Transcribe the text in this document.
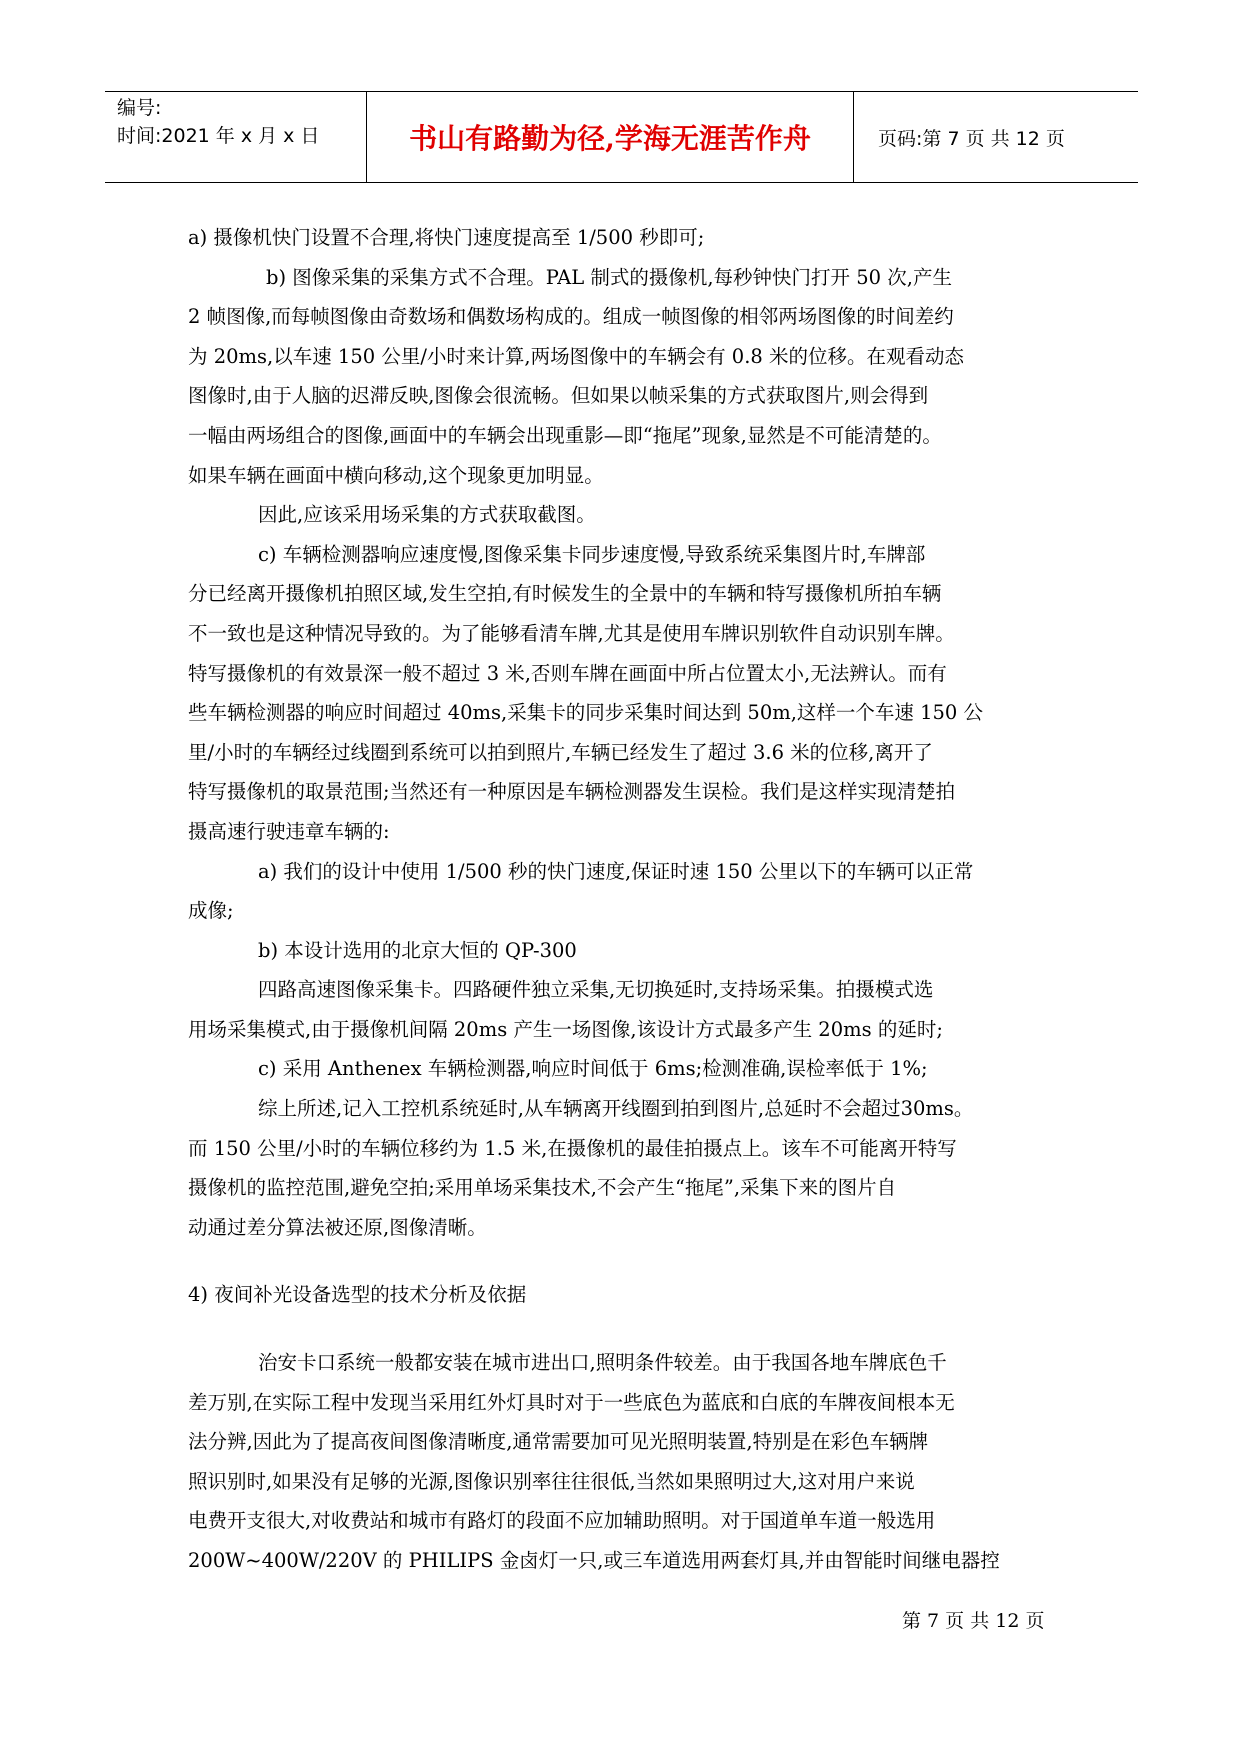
编号:
时间:2021 年 x 月 x 日	书山有路勤为径,学海无涯苦作舟	页码:第 7 页 共 12 页
a) 摄像机快门设置不合理,将快门速度提高至 1/500 秒即可;
b) 图像采集的采集方式不合理。PAL 制式的摄像机,每秒钟快门打开 50 次,产生
2 帧图像,而每帧图像由奇数场和偶数场构成的。组成一帧图像的相邻两场图像的时间差约
为 20ms,以车速 150 公里/小时来计算,两场图像中的车辆会有 0.8 米的位移。在观看动态
图像时,由于人脑的迟滞反映,图像会很流畅。但如果以帧采集的方式获取图片,则会得到
一幅由两场组合的图像,画面中的车辆会出现重影—即“拖尾”现象,显然是不可能清楚的。
如果车辆在画面中横向移动,这个现象更加明显。
因此,应该采用场采集的方式获取截图。
c) 车辆检测器响应速度慢,图像采集卡同步速度慢,导致系统采集图片时,车牌部
分已经离开摄像机拍照区域,发生空拍,有时候发生的全景中的车辆和特写摄像机所拍车辆
不一致也是这种情况导致的。为了能够看清车牌,尤其是使用车牌识别软件自动识别车牌。
特写摄像机的有效景深一般不超过 3 米,否则车牌在画面中所占位置太小,无法辨认。而有
些车辆检测器的响应时间超过 40ms,采集卡的同步采集时间达到 50m,这样一个车速 150 公
里/小时的车辆经过线圈到系统可以拍到照片,车辆已经发生了超过 3.6 米的位移,离开了
特写摄像机的取景范围;当然还有一种原因是车辆检测器发生误检。我们是这样实现清楚拍
摄高速行驶违章车辆的:
a) 我们的设计中使用 1/500 秒的快门速度,保证时速 150 公里以下的车辆可以正常
成像;
b) 本设计选用的北京大恒的 QP-300
四路高速图像采集卡。四路硬件独立采集,无切换延时,支持场采集。拍摄模式选
用场采集模式,由于摄像机间隔 20ms 产生一场图像,该设计方式最多产生 20ms 的延时;
c) 采用 Anthenex 车辆检测器,响应时间低于 6ms;检测准确,误检率低于 1%;
综上所述,记入工控机系统延时,从车辆离开线圈到拍到图片,总延时不会超过30ms。
而 150 公里/小时的车辆位移约为 1.5 米,在摄像机的最佳拍摄点上。该车不可能离开特写
摄像机的监控范围,避免空拍;采用单场采集技术,不会产生“拖尾”,采集下来的图片自
动通过差分算法被还原,图像清晰。
4) 夜间补光设备选型的技术分析及依据
治安卡口系统一般都安装在城市进出口,照明条件较差。由于我国各地车牌底色千
差万别,在实际工程中发现当采用红外灯具时对于一些底色为蓝底和白底的车牌夜间根本无
法分辨,因此为了提高夜间图像清晰度,通常需要加可见光照明装置,特别是在彩色车辆牌
照识别时,如果没有足够的光源,图像识别率往往很低,当然如果照明过大,这对用户来说
电费开支很大,对收费站和城市有路灯的段面不应加辅助照明。对于国道单车道一般选用
200W~400W/220V 的 PHILIPS 金卤灯一只,或三车道选用两套灯具,并由智能时间继电器控
第 7 页 共 12 页
